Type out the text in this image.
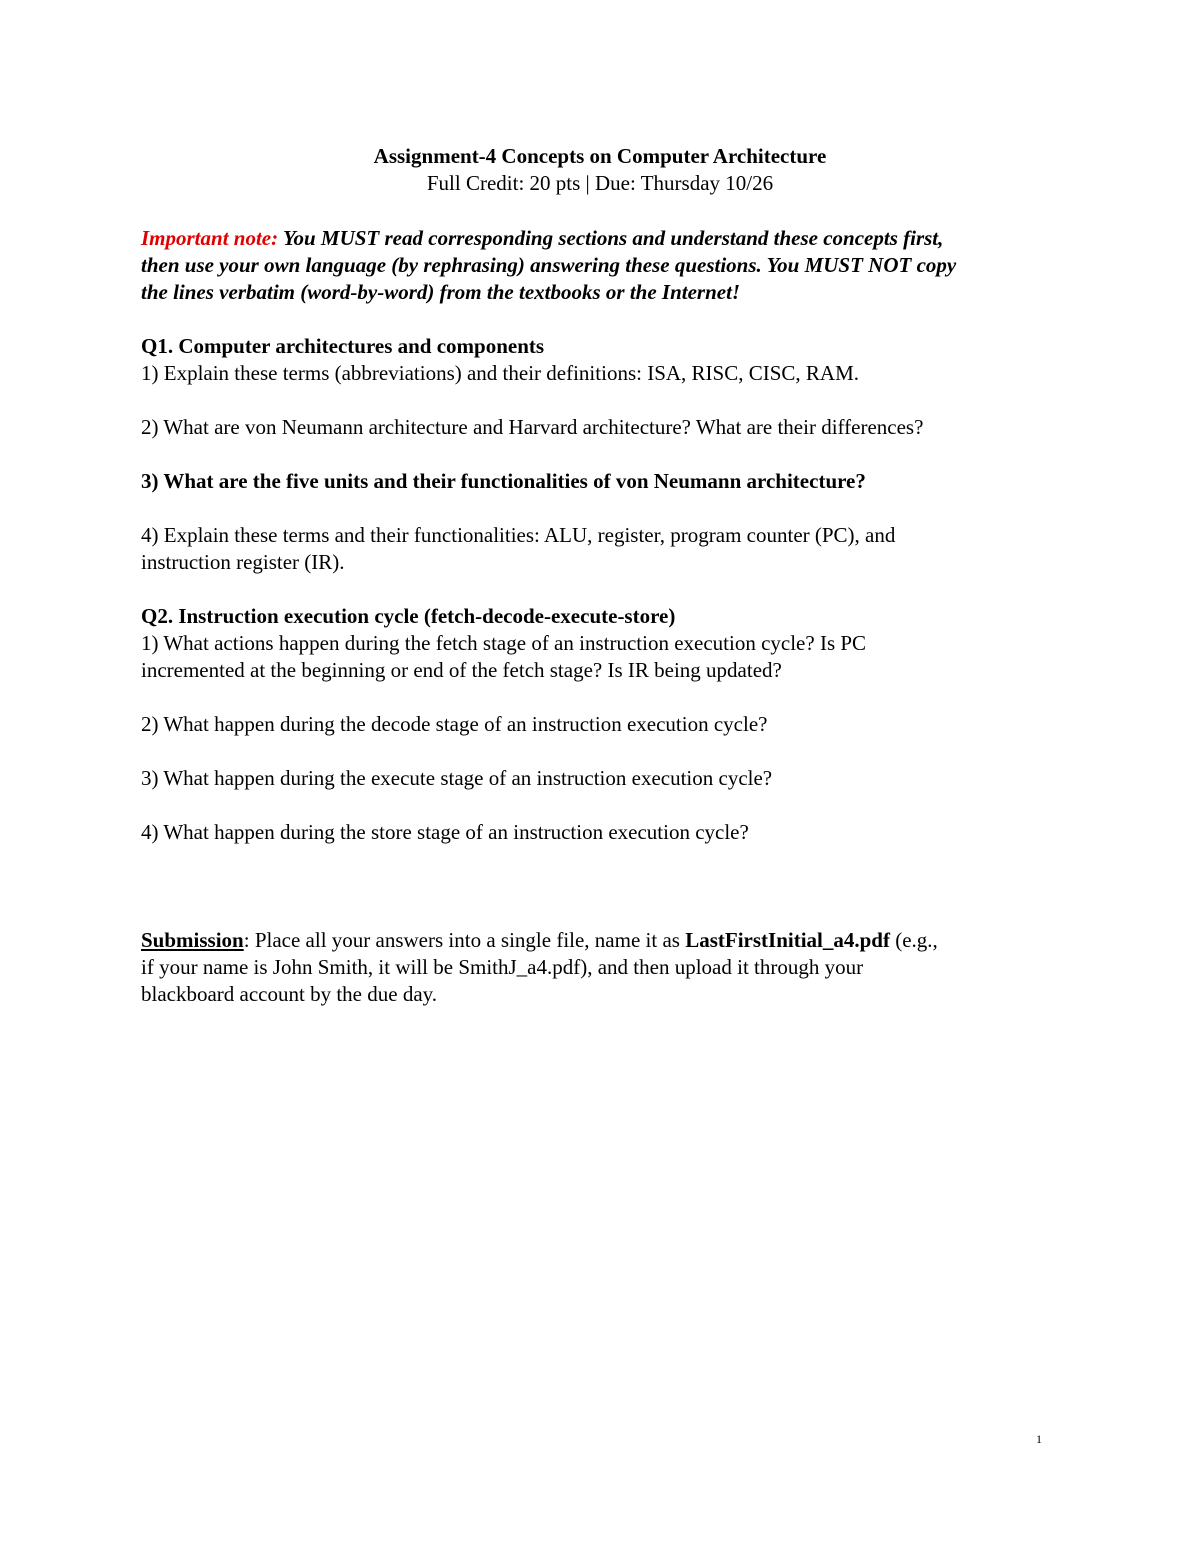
Assignment-4 Concepts on Computer Architecture
Full Credit: 20 pts | Due: Thursday 10/26
Important note: You MUST read corresponding sections and understand these concepts first,
then use your own language (by rephrasing) answering these questions. You MUST NOT copy
the lines verbatim (word-by-word) from the textbooks or the Internet!
Q1. Computer architectures and components
1) Explain these terms (abbreviations) and their definitions: ISA, RISC, CISC, RAM.
2) What are von Neumann architecture and Harvard architecture? What are their differences?
3) What are the five units and their functionalities of von Neumann architecture?
4) Explain these terms and their functionalities: ALU, register, program counter (PC), and
instruction register (IR).
Q2. Instruction execution cycle (fetch-decode-execute-store)
1) What actions happen during the fetch stage of an instruction execution cycle? Is PC
incremented at the beginning or end of the fetch stage? Is IR being updated?
2) What happen during the decode stage of an instruction execution cycle?
3) What happen during the execute stage of an instruction execution cycle?
4) What happen during the store stage of an instruction execution cycle?
Submission: Place all your answers into a single file, name it as LastFirstInitial_a4.pdf (e.g.,
if your name is John Smith, it will be SmithJ_a4.pdf), and then upload it through your
blackboard account by the due day.
1
